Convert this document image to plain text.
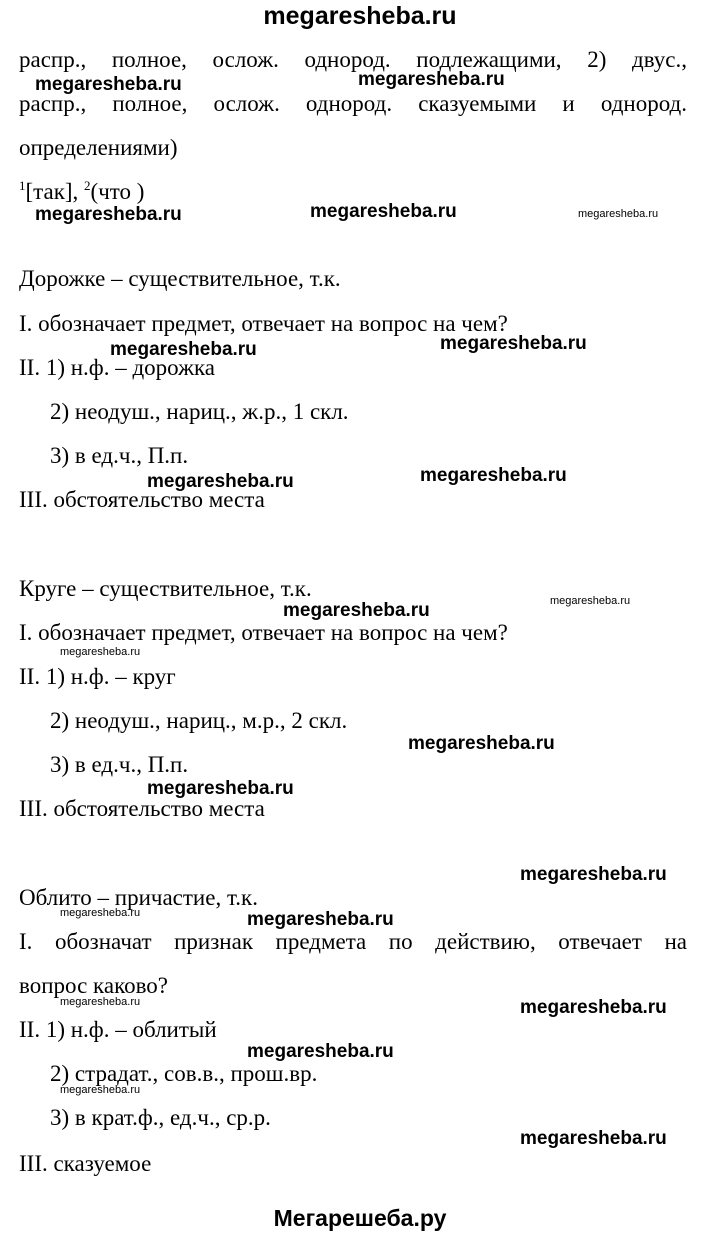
megaresheba.ru
распр., полное, ослож. однород. подлежащими, 2) двус.,
распр., полное, ослож. однород. сказуемыми и однород.
определениями)
$^1$[так], $^2$(что )
Дорожке – существительное, т.к.
I. обозначает предмет, отвечает на вопрос на чем?
II. 1) н.ф. – дорожка
2) неодуш., нариц., ж.р., 1 скл.
3) в ед.ч., П.п.
III. обстоятельство места
Круге – существительное, т.к.
I. обозначает предмет, отвечает на вопрос на чем?
II. 1) н.ф. – круг
2) неодуш., нариц., м.р., 2 скл.
3) в ед.ч., П.п.
III. обстоятельство места
Облито – причастие, т.к.
I. обозначат признак предмета по действию, отвечает на
вопрос каково?
II. 1) н.ф. – облитый
2) страдат., сов.в., прош.вр.
3) в крат.ф., ед.ч., ср.р.
III. сказуемое
Мегарешеба.ру
megaresheba.ru	megaresheba.ru
megaresheba.ru	megaresheba.ru	megaresheba.ru
megaresheba.ru	megaresheba.ru
megaresheba.ru	megaresheba.ru
megaresheba.ru	megaresheba.ru
megaresheba.ru
megaresheba.ru
megaresheba.ru
megaresheba.ru
megaresheba.ru	megaresheba.ru
megaresheba.ru	megaresheba.ru
megaresheba.ru
megaresheba.ru
megaresheba.ru
